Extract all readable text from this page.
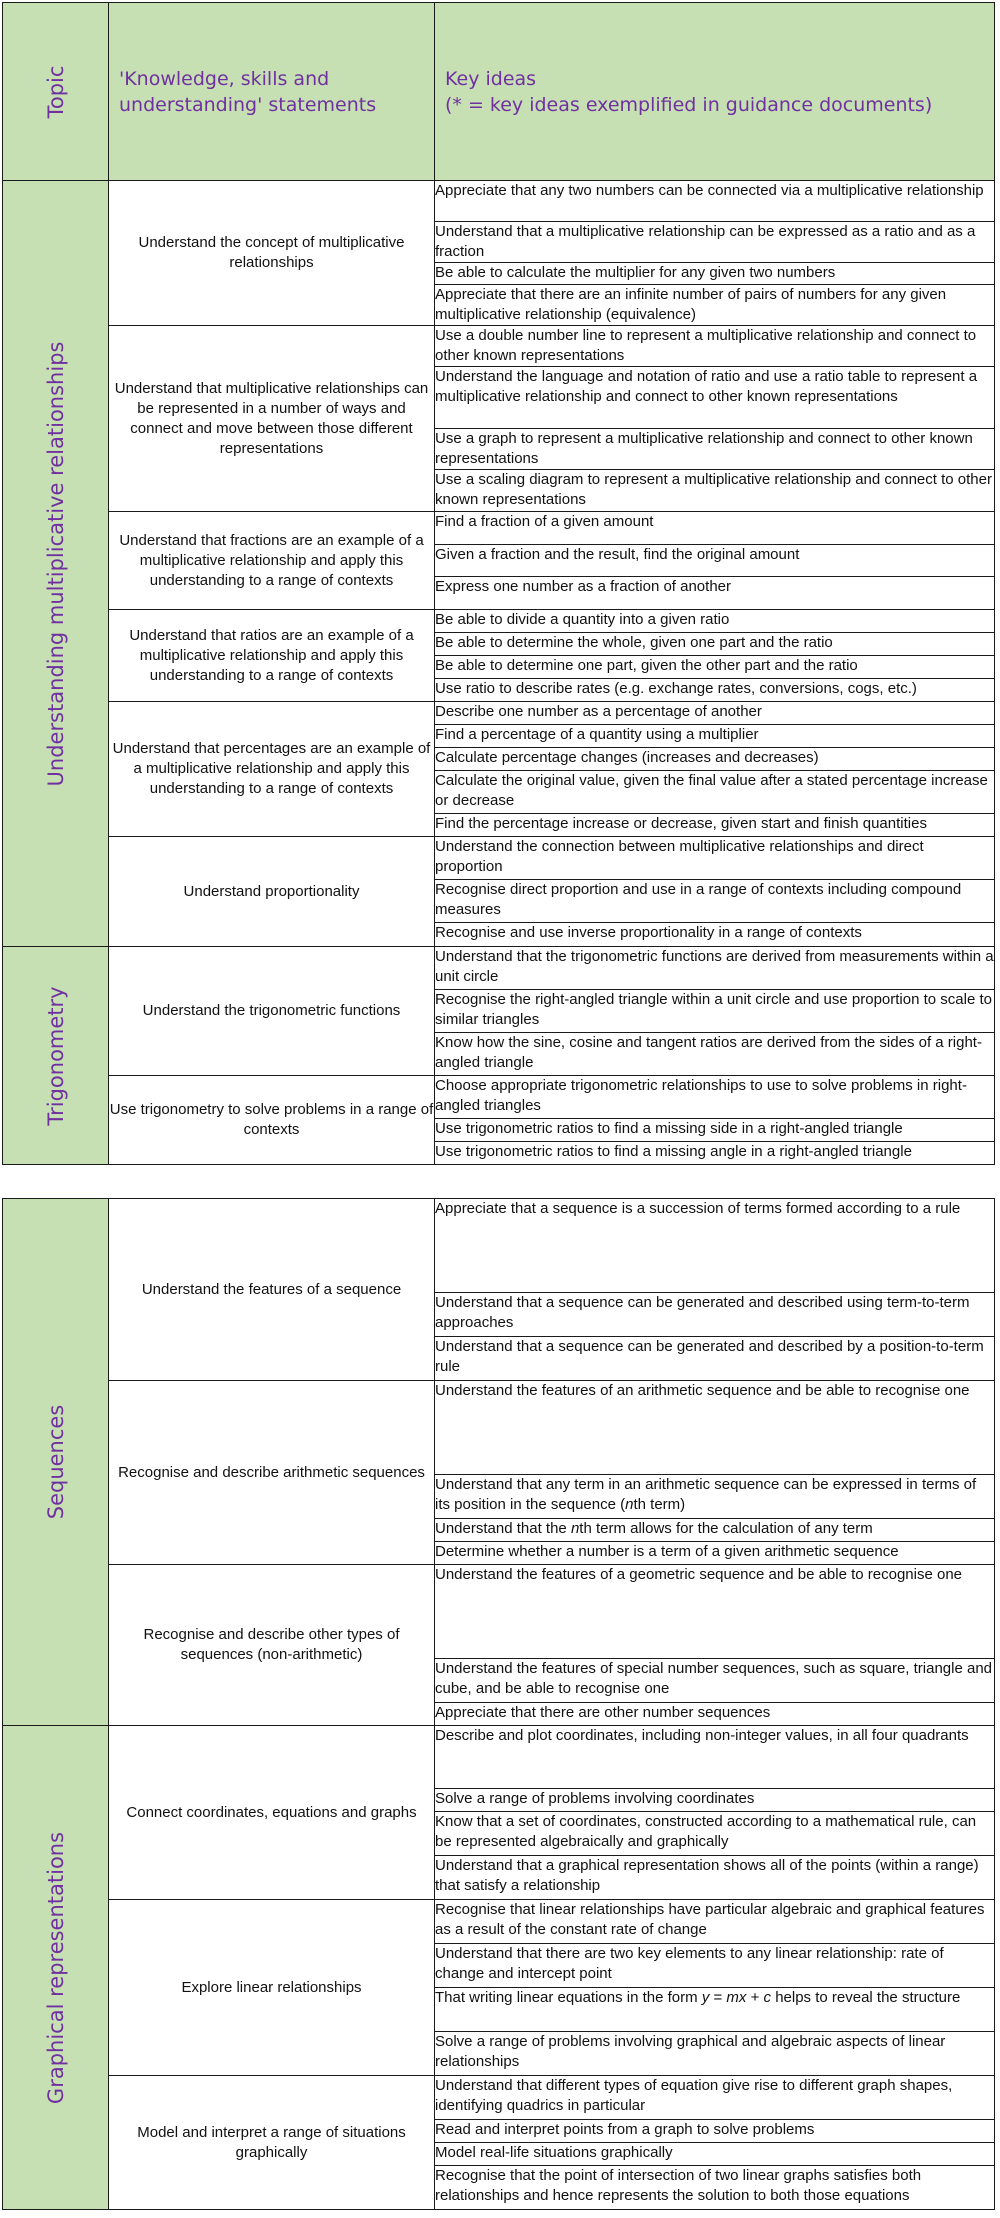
Topic	'Knowledge, skills and understanding' statements	Key ideas
(* = key ideas exemplified in guidance documents)

Understanding multiplicative relationships	Understand the concept of multiplicative relationships	Appreciate that any two numbers can be connected via a multiplicative relationship
		Understand that a multiplicative relationship can be expressed as a ratio and as a fraction
		Be able to calculate the multiplier for any given two numbers
		Appreciate that there are an infinite number of pairs of numbers for any given multiplicative relationship (equivalence)
	Understand that multiplicative relationships can be represented in a number of ways and connect and move between those different representations	Use a double number line to represent a multiplicative relationship and connect to other known representations
		Understand the language and notation of ratio and use a ratio table to represent a multiplicative relationship and connect to other known representations
		Use a graph to represent a multiplicative relationship and connect to other known representations
		Use a scaling diagram to represent a multiplicative relationship and connect to other known representations
	Understand that fractions are an example of a multiplicative relationship and apply this understanding to a range of contexts	Find a fraction of a given amount
		Given a fraction and the result, find the original amount
		Express one number as a fraction of another
	Understand that ratios are an example of a multiplicative relationship and apply this understanding to a range of contexts	Be able to divide a quantity into a given ratio
		Be able to determine the whole, given one part and the ratio
		Be able to determine one part, given the other part and the ratio
		Use ratio to describe rates (e.g. exchange rates, conversions, cogs, etc.)
	Understand that percentages are an example of a multiplicative relationship and apply this understanding to a range of contexts	Describe one number as a percentage of another
		Find a percentage of a quantity using a multiplier
		Calculate percentage changes (increases and decreases)
		Calculate the original value, given the final value after a stated percentage increase or decrease
		Find the percentage increase or decrease, given start and finish quantities
	Understand proportionality	Understand the connection between multiplicative relationships and direct proportion
		Recognise direct proportion and use in a range of contexts including compound measures
		Recognise and use inverse proportionality in a range of contexts

Trigonometry	Understand the trigonometric functions	Understand that the trigonometric functions are derived from measurements within a unit circle
		Recognise the right-angled triangle within a unit circle and use proportion to scale to similar triangles
		Know how the sine, cosine and tangent ratios are derived from the sides of a right-angled triangle
	Use trigonometry to solve problems in a range of contexts	Choose appropriate trigonometric relationships to use to solve problems in right-angled triangles
		Use trigonometric ratios to find a missing side in a right-angled triangle
		Use trigonometric ratios to find a missing angle in a right-angled triangle
Sequences	Understand the features of a sequence	Appreciate that a sequence is a succession of terms formed according to a rule
		Understand that a sequence can be generated and described using term-to-term approaches
		Understand that a sequence can be generated and described by a position-to-term rule
	Recognise and describe arithmetic sequences	Understand the features of an arithmetic sequence and be able to recognise one
		Understand that any term in an arithmetic sequence can be expressed in terms of its position in the sequence (nth term)
		Understand that the nth term allows for the calculation of any term
		Determine whether a number is a term of a given arithmetic sequence
	Recognise and describe other types of sequences (non-arithmetic)	Understand the features of a geometric sequence and be able to recognise one
		Understand the features of special number sequences, such as square, triangle and cube, and be able to recognise one
		Appreciate that there are other number sequences

Graphical representations	Connect coordinates, equations and graphs	Describe and plot coordinates, including non-integer values, in all four quadrants
		Solve a range of problems involving coordinates
		Know that a set of coordinates, constructed according to a mathematical rule, can be represented algebraically and graphically
		Understand that a graphical representation shows all of the points (within a range) that satisfy a relationship
	Explore linear relationships	Recognise that linear relationships have particular algebraic and graphical features as a result of the constant rate of change
		Understand that there are two key elements to any linear relationship: rate of change and intercept point
		That writing linear equations in the form y = mx + c helps to reveal the structure
		Solve a range of problems involving graphical and algebraic aspects of linear relationships
	Model and interpret a range of situations graphically	Understand that different types of equation give rise to different graph shapes, identifying quadrics in particular
		Read and interpret points from a graph to solve problems
		Model real-life situations graphically
		Recognise that the point of intersection of two linear graphs satisfies both relationships and hence represents the solution to both those equations
